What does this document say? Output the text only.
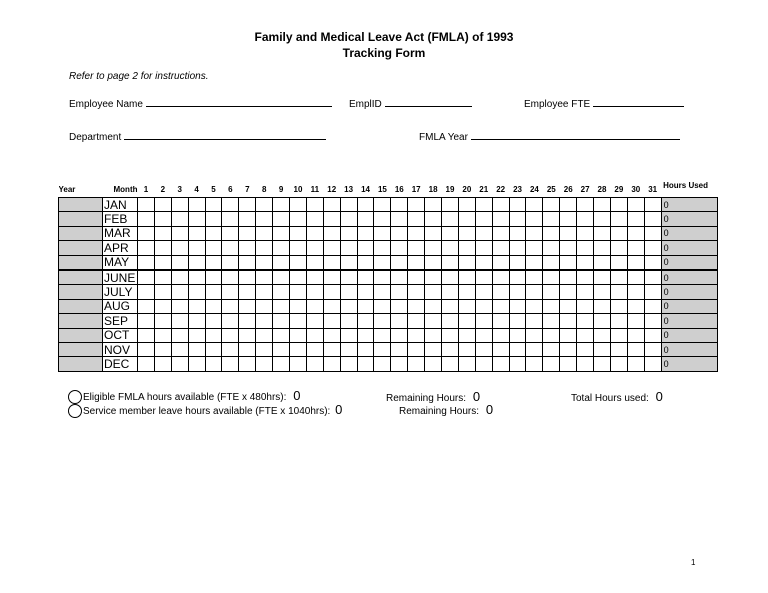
Family and Medical Leave Act (FMLA) of 1993
Tracking Form
Refer to page 2 for instructions.
Employee Name	EmplID	Employee FTE
Department	FMLA Year
Year	Month	1	2	3	4	5	6	7	8	9	10	11	12	13	14	15	16	17	18	19	20	21	22	23	24	25	26	27	28	29	30	31	Hours Used
	JAN																																0
	FEB																																0
	MAR																																0
	APR																																0
	MAY																																0
	JUNE																																0
	JULY																																0
	AUG																																0
	SEP																																0
	OCT																																0
	NOV																																0
	DEC																																0
Eligible FMLA hours available (FTE x 480hrs): 0
Service member leave hours available (FTE x 1040hrs): 0
Remaining Hours: 0
Remaining Hours: 0
Total Hours used: 0
1
